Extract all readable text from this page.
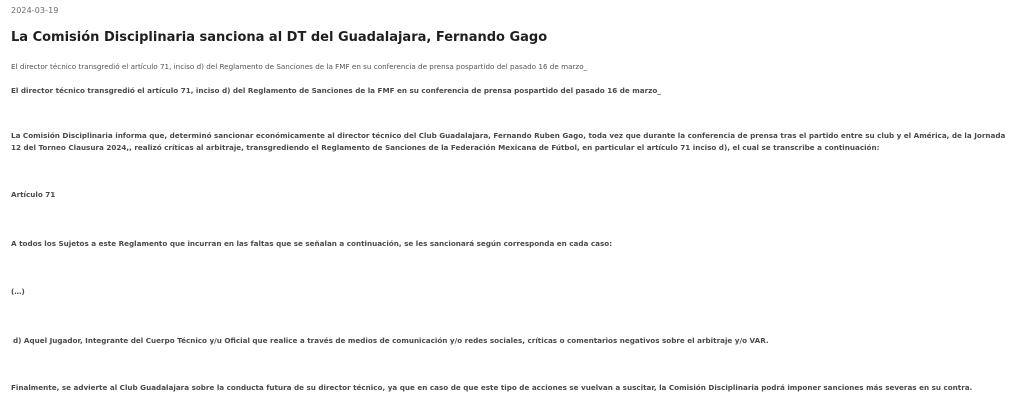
2024-03-19
La Comisión Disciplinaria sanciona al DT del Guadalajara, Fernando Gago

El director técnico transgredió el artículo 71, inciso d) del Reglamento de Sanciones de la FMF en su conferencia de prensa pospartido del pasado 16 de marzo_

El director técnico transgredió el artículo 71, inciso d) del Reglamento de Sanciones de la FMF en su conferencia de prensa pospartido del pasado 16 de marzo_

La Comisión Disciplinaria informa que, determinó sancionar económicamente al director técnico del Club Guadalajara, Fernando Ruben Gago, toda vez que durante la conferencia de prensa tras el partido entre su club y el América, de la Jornada 12 del Torneo Clausura 2024,, realizó críticas al arbitraje, transgrediendo el Reglamento de Sanciones de la Federación Mexicana de Fútbol, en particular el artículo 71 inciso d), el cual se transcribe a continuación:

Artículo 71

A todos los Sujetos a este Reglamento que incurran en las faltas que se señalan a continuación, se les sancionará según corresponda en cada caso:

(…)

d) Aquel Jugador, Integrante del Cuerpo Técnico y/u Oficial que realice a través de medios de comunicación y/o redes sociales, críticas o comentarios negativos sobre el arbitraje y/o VAR.

Finalmente, se advierte al Club Guadalajara sobre la conducta futura de su director técnico, ya que en caso de que este tipo de acciones se vuelvan a suscitar, la Comisión Disciplinaria podrá imponer sanciones más severas en su contra.
